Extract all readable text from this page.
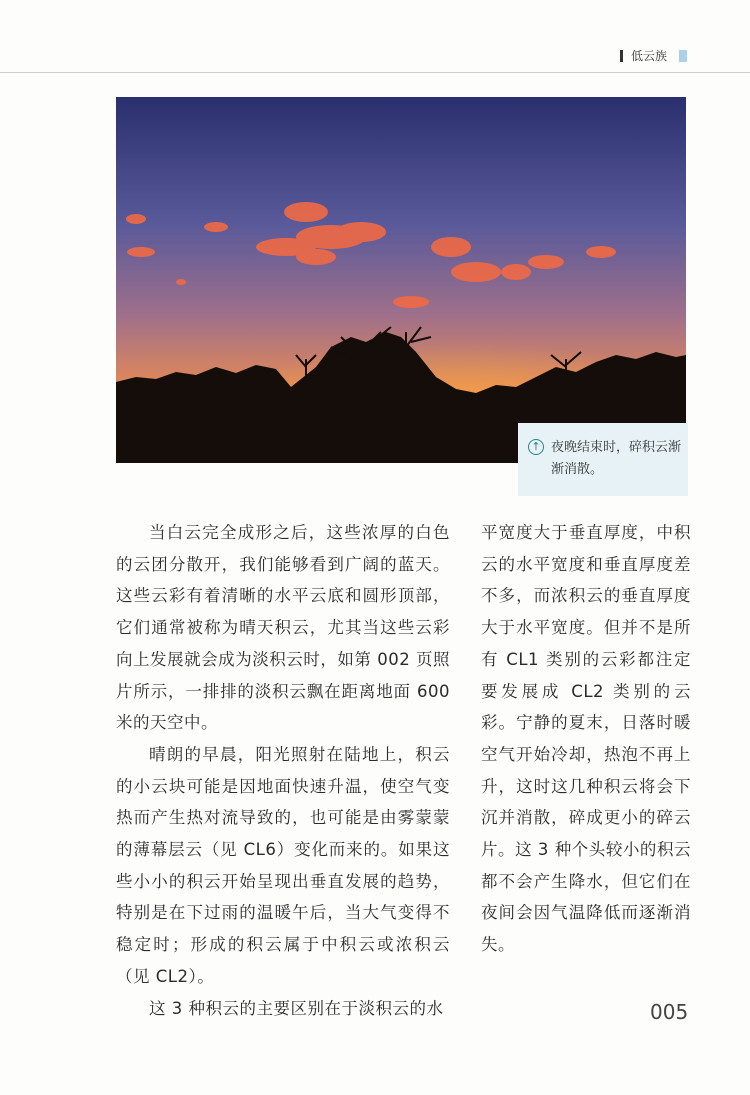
低云族
↑ 夜晚结束时，碎积云渐渐消散。

当白云完全成形之后，这些浓厚的白色的云团分散开，我们能够看到广阔的蓝天。这些云彩有着清晰的水平云底和圆形顶部，它们通常被称为晴天积云，尤其当这些云彩向上发展就会成为淡积云时，如第 002 页照片所示，一排排的淡积云飘在距离地面 600 米的天空中。

晴朗的早晨，阳光照射在陆地上，积云的小云块可能是因地面快速升温，使空气变热而产生热对流导致的，也可能是由雾蒙蒙的薄幕层云（见 CL6）变化而来的。如果这些小小的积云开始呈现出垂直发展的趋势，特别是在下过雨的温暖午后，当大气变得不稳定时；形成的积云属于中积云或浓积云（见 CL2）。

这 3 种积云的主要区别在于淡积云的水

平宽度大于垂直厚度，中积云的水平宽度和垂直厚度差不多，而浓积云的垂直厚度大于水平宽度。但并不是所有 CL1 类别的云彩都注定要发展成 CL2 类别的云彩。宁静的夏末，日落时暖空气开始冷却，热泡不再上升，这时这几种积云将会下沉并消散，碎成更小的碎云片。这 3 种个头较小的积云都不会产生降水，但它们在夜间会因气温降低而逐渐消失。

005
